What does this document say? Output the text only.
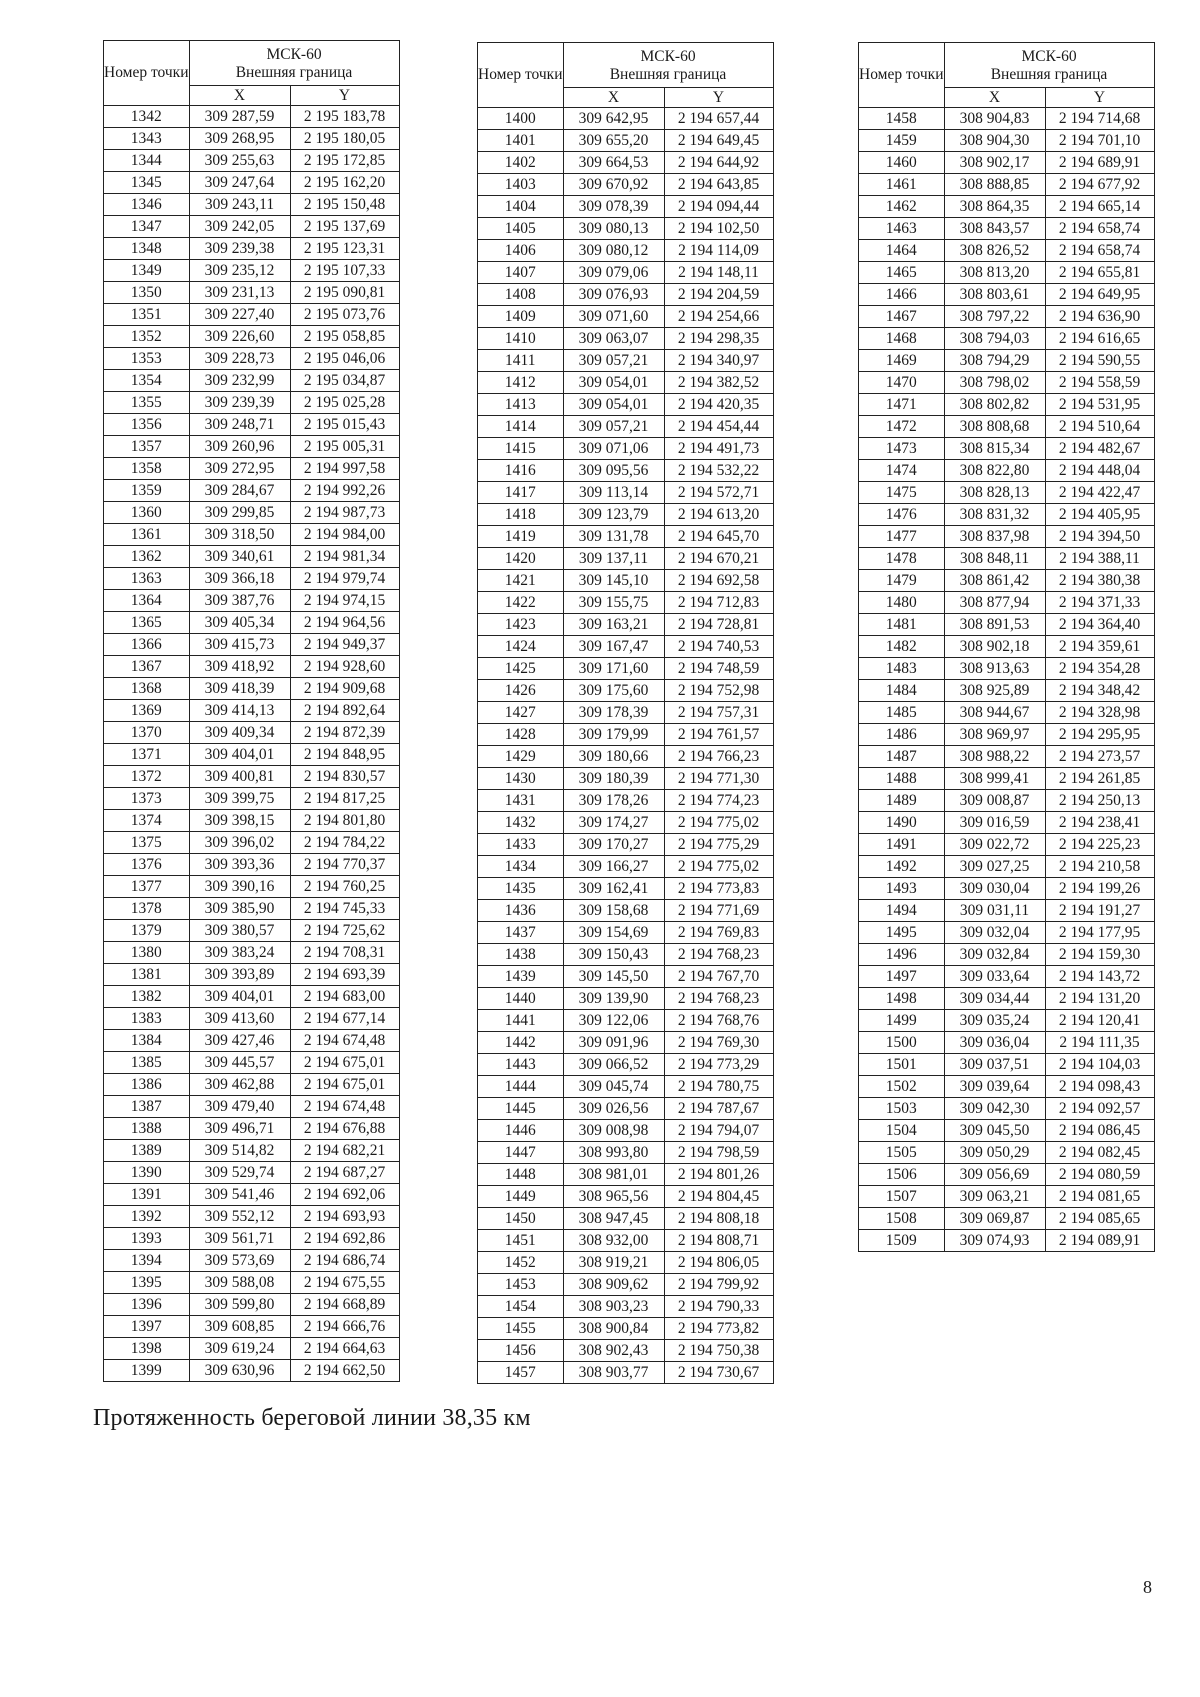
Номер точки	МСК-60
Внешняя граница	

	X	Y
1342	309 287,59	2 195 183,78
1343	309 268,95	2 195 180,05
1344	309 255,63	2 195 172,85
1345	309 247,64	2 195 162,20
1346	309 243,11	2 195 150,48
1347	309 242,05	2 195 137,69
1348	309 239,38	2 195 123,31
1349	309 235,12	2 195 107,33
1350	309 231,13	2 195 090,81
1351	309 227,40	2 195 073,76
1352	309 226,60	2 195 058,85
1353	309 228,73	2 195 046,06
1354	309 232,99	2 195 034,87
1355	309 239,39	2 195 025,28
1356	309 248,71	2 195 015,43
1357	309 260,96	2 195 005,31
1358	309 272,95	2 194 997,58
1359	309 284,67	2 194 992,26
1360	309 299,85	2 194 987,73
1361	309 318,50	2 194 984,00
1362	309 340,61	2 194 981,34
1363	309 366,18	2 194 979,74
1364	309 387,76	2 194 974,15
1365	309 405,34	2 194 964,56
1366	309 415,73	2 194 949,37
1367	309 418,92	2 194 928,60
1368	309 418,39	2 194 909,68
1369	309 414,13	2 194 892,64
1370	309 409,34	2 194 872,39
1371	309 404,01	2 194 848,95
1372	309 400,81	2 194 830,57
1373	309 399,75	2 194 817,25
1374	309 398,15	2 194 801,80
1375	309 396,02	2 194 784,22
1376	309 393,36	2 194 770,37
1377	309 390,16	2 194 760,25
1378	309 385,90	2 194 745,33
1379	309 380,57	2 194 725,62
1380	309 383,24	2 194 708,31
1381	309 393,89	2 194 693,39
1382	309 404,01	2 194 683,00
1383	309 413,60	2 194 677,14
1384	309 427,46	2 194 674,48
1385	309 445,57	2 194 675,01
1386	309 462,88	2 194 675,01
1387	309 479,40	2 194 674,48
1388	309 496,71	2 194 676,88
1389	309 514,82	2 194 682,21
1390	309 529,74	2 194 687,27
1391	309 541,46	2 194 692,06
1392	309 552,12	2 194 693,93
1393	309 561,71	2 194 692,86
1394	309 573,69	2 194 686,74
1395	309 588,08	2 194 675,55
1396	309 599,80	2 194 668,89
1397	309 608,85	2 194 666,76
1398	309 619,24	2 194 664,63
1399	309 630,96	2 194 662,50
Номер точки	МСК-60
Внешняя граница	

	X	Y
1400	309 642,95	2 194 657,44
1401	309 655,20	2 194 649,45
1402	309 664,53	2 194 644,92
1403	309 670,92	2 194 643,85
1404	309 078,39	2 194 094,44
1405	309 080,13	2 194 102,50
1406	309 080,12	2 194 114,09
1407	309 079,06	2 194 148,11
1408	309 076,93	2 194 204,59
1409	309 071,60	2 194 254,66
1410	309 063,07	2 194 298,35
1411	309 057,21	2 194 340,97
1412	309 054,01	2 194 382,52
1413	309 054,01	2 194 420,35
1414	309 057,21	2 194 454,44
1415	309 071,06	2 194 491,73
1416	309 095,56	2 194 532,22
1417	309 113,14	2 194 572,71
1418	309 123,79	2 194 613,20
1419	309 131,78	2 194 645,70
1420	309 137,11	2 194 670,21
1421	309 145,10	2 194 692,58
1422	309 155,75	2 194 712,83
1423	309 163,21	2 194 728,81
1424	309 167,47	2 194 740,53
1425	309 171,60	2 194 748,59
1426	309 175,60	2 194 752,98
1427	309 178,39	2 194 757,31
1428	309 179,99	2 194 761,57
1429	309 180,66	2 194 766,23
1430	309 180,39	2 194 771,30
1431	309 178,26	2 194 774,23
1432	309 174,27	2 194 775,02
1433	309 170,27	2 194 775,29
1434	309 166,27	2 194 775,02
1435	309 162,41	2 194 773,83
1436	309 158,68	2 194 771,69
1437	309 154,69	2 194 769,83
1438	309 150,43	2 194 768,23
1439	309 145,50	2 194 767,70
1440	309 139,90	2 194 768,23
1441	309 122,06	2 194 768,76
1442	309 091,96	2 194 769,30
1443	309 066,52	2 194 773,29
1444	309 045,74	2 194 780,75
1445	309 026,56	2 194 787,67
1446	309 008,98	2 194 794,07
1447	308 993,80	2 194 798,59
1448	308 981,01	2 194 801,26
1449	308 965,56	2 194 804,45
1450	308 947,45	2 194 808,18
1451	308 932,00	2 194 808,71
1452	308 919,21	2 194 806,05
1453	308 909,62	2 194 799,92
1454	308 903,23	2 194 790,33
1455	308 900,84	2 194 773,82
1456	308 902,43	2 194 750,38
1457	308 903,77	2 194 730,67
Номер точки	МСК-60
Внешняя граница	

	X	Y
1458	308 904,83	2 194 714,68
1459	308 904,30	2 194 701,10
1460	308 902,17	2 194 689,91
1461	308 888,85	2 194 677,92
1462	308 864,35	2 194 665,14
1463	308 843,57	2 194 658,74
1464	308 826,52	2 194 658,74
1465	308 813,20	2 194 655,81
1466	308 803,61	2 194 649,95
1467	308 797,22	2 194 636,90
1468	308 794,03	2 194 616,65
1469	308 794,29	2 194 590,55
1470	308 798,02	2 194 558,59
1471	308 802,82	2 194 531,95
1472	308 808,68	2 194 510,64
1473	308 815,34	2 194 482,67
1474	308 822,80	2 194 448,04
1475	308 828,13	2 194 422,47
1476	308 831,32	2 194 405,95
1477	308 837,98	2 194 394,50
1478	308 848,11	2 194 388,11
1479	308 861,42	2 194 380,38
1480	308 877,94	2 194 371,33
1481	308 891,53	2 194 364,40
1482	308 902,18	2 194 359,61
1483	308 913,63	2 194 354,28
1484	308 925,89	2 194 348,42
1485	308 944,67	2 194 328,98
1486	308 969,97	2 194 295,95
1487	308 988,22	2 194 273,57
1488	308 999,41	2 194 261,85
1489	309 008,87	2 194 250,13
1490	309 016,59	2 194 238,41
1491	309 022,72	2 194 225,23
1492	309 027,25	2 194 210,58
1493	309 030,04	2 194 199,26
1494	309 031,11	2 194 191,27
1495	309 032,04	2 194 177,95
1496	309 032,84	2 194 159,30
1497	309 033,64	2 194 143,72
1498	309 034,44	2 194 131,20
1499	309 035,24	2 194 120,41
1500	309 036,04	2 194 111,35
1501	309 037,51	2 194 104,03
1502	309 039,64	2 194 098,43
1503	309 042,30	2 194 092,57
1504	309 045,50	2 194 086,45
1505	309 050,29	2 194 082,45
1506	309 056,69	2 194 080,59
1507	309 063,21	2 194 081,65
1508	309 069,87	2 194 085,65
1509	309 074,93	2 194 089,91
Протяженность береговой линии 38,35 км
8
